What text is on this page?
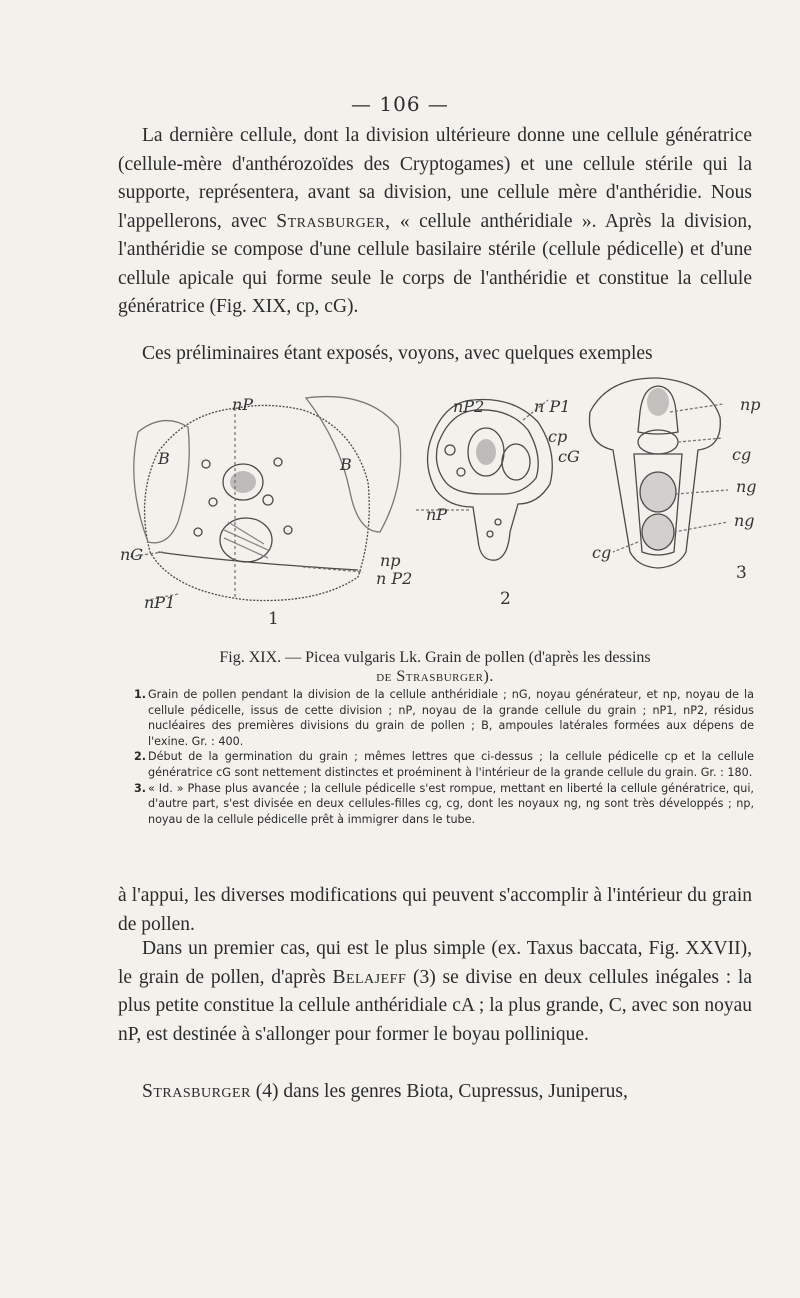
— 106 —

La dernière cellule, dont la division ultérieure donne une cellule génératrice (cellule-mère d'anthérozoïdes des Cryptogames) et une cellule stérile qui la supporte, représentera, avant sa division, une cellule mère d'anthéridie. Nous l'appellerons, avec Strasburger, « cellule anthéridiale ». Après la division, l'anthéridie se compose d'une cellule basilaire stérile (cellule pédicelle) et d'une cellule apicale qui forme seule le corps de l'anthéridie et constitue la cellule génératrice (Fig. XIX, cp, cG).

Ces préliminaires étant exposés, voyons, avec quelques exemples

nP
B	B
nG	np
n P2
nP1
nP2	n P1
cp
cG
nP
np
cg
ng
ng
cg
1
2
3
Fig. XIX. — Picea vulgaris Lk. Grain de pollen (d'après les dessins
de Strasburger).
1. Grain de pollen pendant la division de la cellule anthéridiale ; nG, noyau générateur, et np, noyau de la cellule pédicelle, issus de cette division ; nP, noyau de la grande cellule du grain ; nP1, nP2, résidus nucléaires des premières divisions du grain de pollen ; B, ampoules latérales formées aux dépens de l'exine. Gr. : 400.
2. Début de la germination du grain ; mêmes lettres que ci-dessus ; la cellule pédicelle cp et la cellule génératrice cG sont nettement distinctes et proéminent à l'intérieur de la grande cellule du grain. Gr. : 180.
3. « Id. » Phase plus avancée ; la cellule pédicelle s'est rompue, mettant en liberté la cellule génératrice, qui, d'autre part, s'est divisée en deux cellules-filles cg, cg, dont les noyaux ng, ng sont très développés ; np, noyau de la cellule pédicelle prêt à immigrer dans le tube.

à l'appui, les diverses modifications qui peuvent s'accomplir à l'intérieur du grain de pollen.

Dans un premier cas, qui est le plus simple (ex. Taxus baccata, Fig. XXVII), le grain de pollen, d'après Belajeff (3) se divise en deux cellules inégales : la plus petite constitue la cellule anthéridiale cA ; la plus grande, C, avec son noyau nP, est destinée à s'allonger pour former le boyau pollinique.

Strasburger (4) dans les genres Biota, Cupressus, Juniperus,
